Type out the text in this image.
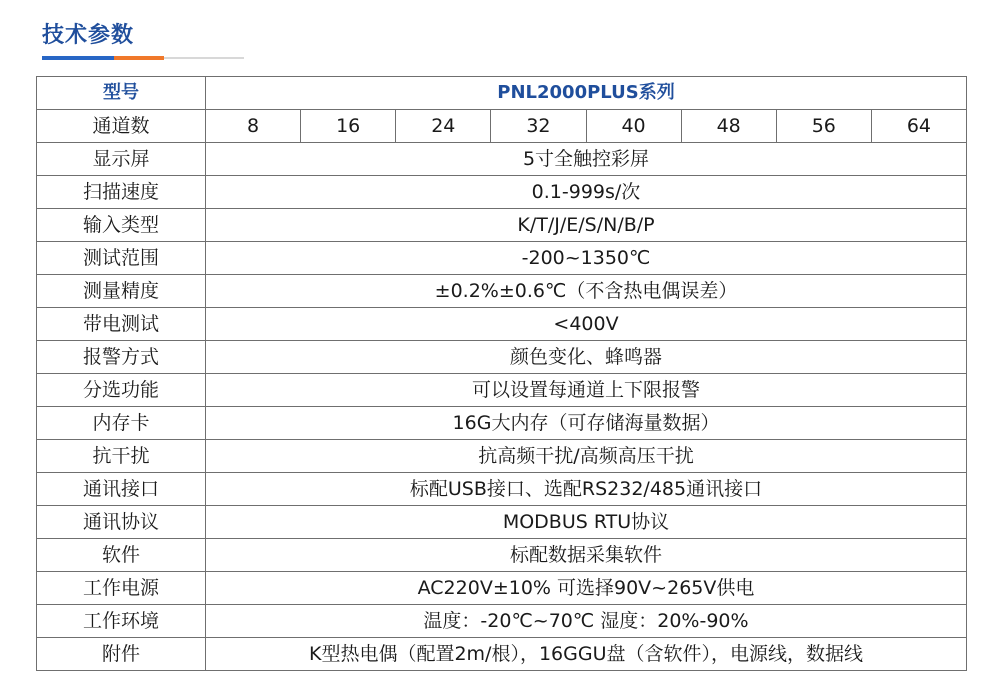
技术参数
型号	PNL2000PLUS系列							
通道数	8	16	24	32	40	48	56	64
显示屏	5寸全触控彩屏							
扫描速度	0.1-999s/次							
输入类型	K/T/J/E/S/N/B/P							
测试范围	-200~1350℃							
测量精度	±0.2%±0.6℃（不含热电偶误差）							
带电测试	<400V							
报警方式	颜色变化、蜂鸣器							
分选功能	可以设置每通道上下限报警							
内存卡	16G大内存（可存储海量数据）							
抗干扰	抗高频干扰/高频高压干扰							
通讯接口	标配USB接口、选配RS232/485通讯接口							
通讯协议	MODBUS RTU协议							
软件	标配数据采集软件							
工作电源	AC220V±10% 可选择90V~265V供电							
工作环境	温度：-20℃~70℃ 湿度：20%-90%							
附件	K型热电偶（配置2m/根），16GGU盘（含软件），电源线，数据线							
